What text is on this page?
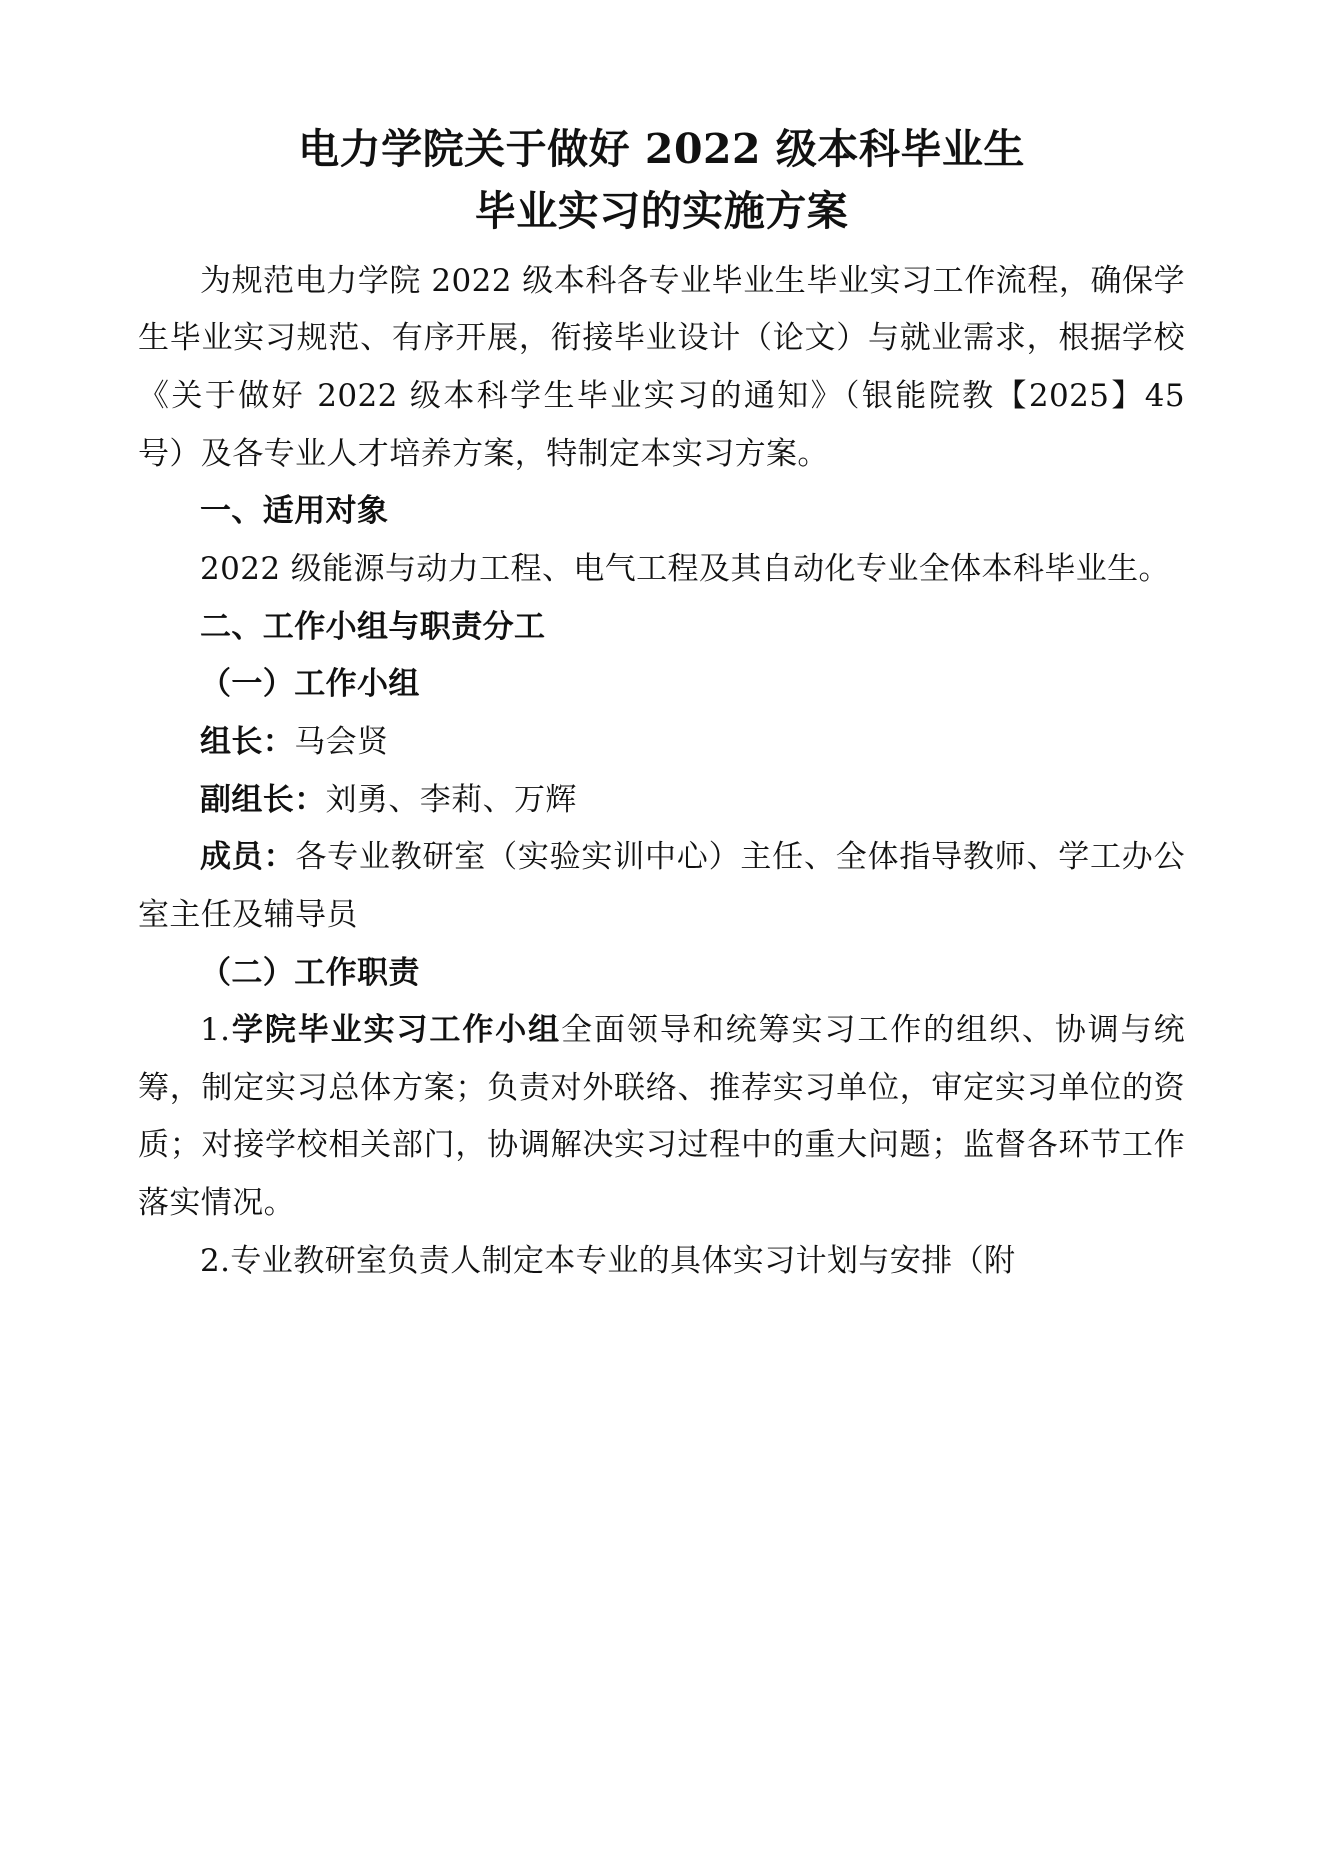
电力学院关于做好 2022 级本科毕业生
毕业实习的实施方案

为规范电力学院 2022 级本科各专业毕业生毕业实习工作流程，确保学生毕业实习规范、有序开展，衔接毕业设计（论文）与就业需求，根据学校《关于做好 2022 级本科学生毕业实习的通知》（银能院教【2025】45 号）及各专业人才培养方案，特制定本实习方案。

一、适用对象

2022 级能源与动力工程、电气工程及其自动化专业全体本科毕业生。

二、工作小组与职责分工

（一）工作小组

组长：马会贤

副组长：刘勇、李莉、万辉

成员：各专业教研室（实验实训中心）主任、全体指导教师、学工办公室主任及辅导员

（二）工作职责

1.学院毕业实习工作小组全面领导和统筹实习工作的组织、协调与统筹，制定实习总体方案；负责对外联络、推荐实习单位，审定实习单位的资质；对接学校相关部门，协调解决实习过程中的重大问题；监督各环节工作落实情况。

2.专业教研室负责人制定本专业的具体实习计划与安排（附
